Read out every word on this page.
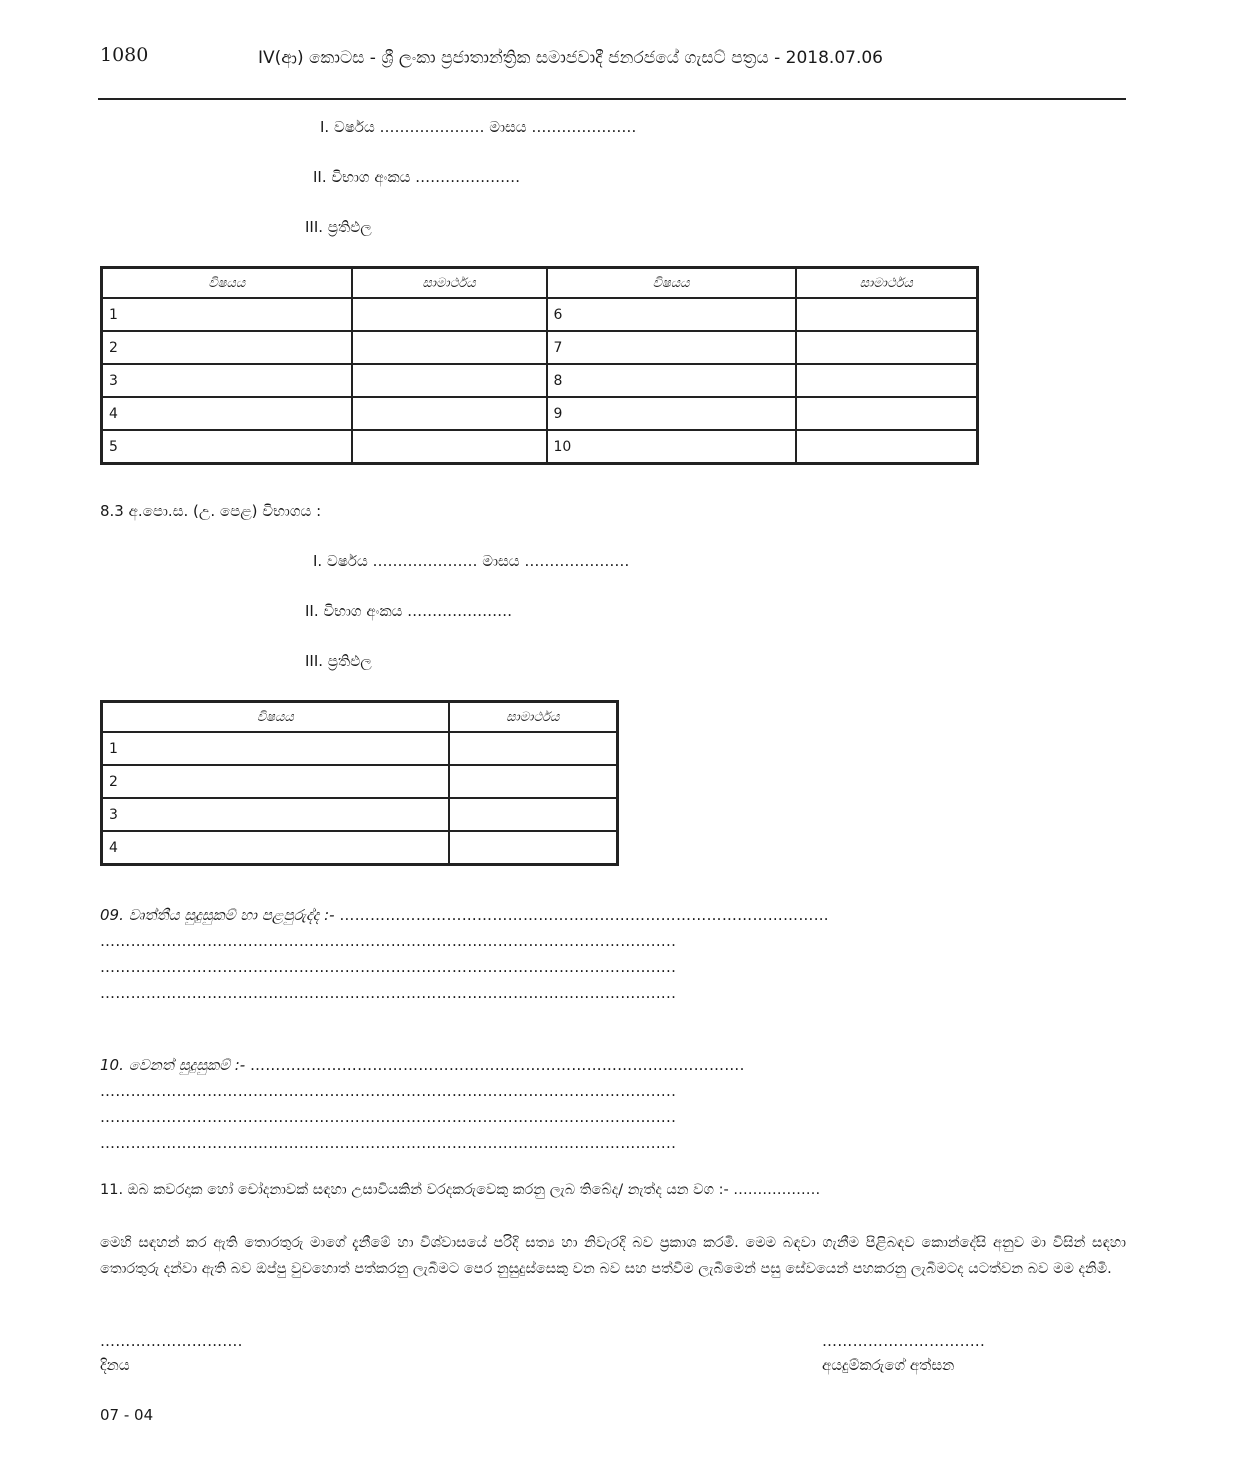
1080	IV(ආ) කොටස - ශ්‍රී ලංකා ප්‍රජාතාන්ත්‍රික සමාජවාදී ජනරජයේ ගැසට් පත්‍රය - 2018.07.06
I. වර්ෂය ………………… මාසය …………………
II. විභාග අංකය …………………
III. ප්‍රතිඵල
විෂයය	සාමාර්ථය	විෂයය	සාමාර්ථය
1		6	
2		7	
3		8	
4		9	
5		10	
8.3 අ.පො.ස. (උ. පෙළ) විභාගය :
I. වර්ෂය ………………… මාසය …………………
II. විභාග අංකය …………………
III. ප්‍රතිඵල
විෂයය	සාමාර්ථය
1	
2	
3	
4	
09. වෘත්තීය සුදුසුකම් හා පළපුරුද්ද :- ……………………………………………………………………………………
……………………………………………………………………………………………….....
……………………………………………………………………………………………….....
……………………………………………………………………………………………….....
10. වෙනත් සුදුසුකම් :- …………………………………………………………………………………….
……………………………………………………………………………………………….....
……………………………………………………………………………………………….....
……………………………………………………………………………………………….....
11. ඔබ කවරදාක හෝ චෝදනාවක් සඳහා උසාවියකින් වරදකරුවෙකු කරනු ලැබ තිබේද/ නැත්ද යන වග :- ………………
මෙහි සඳහන් කර ඇති තොරතුරු මාගේ දැනීමේ හා විශ්වාසයේ පරිදි සත්‍ය හා නිවැරදි බව ප්‍රකාශ කරමි. මෙම බඳවා ගැනීම පිළිබඳව කොන්දේසි අනුව මා විසින් සඳහා තොරතුරු දන්වා ඇති බව ඔප්පු වුවහොත් පත්කරනු ලැබීමට පෙර නුසුදුස්සෙකු වන බව සහ පත්වීම ලැබීමෙන් පසු සේවයෙන් පහකරනු ලැබීමටද යටත්වන බව මම දනිමි.
……………………....
දිනය
……………………….....
අයදුම්කරුගේ අත්සන
07 - 04
